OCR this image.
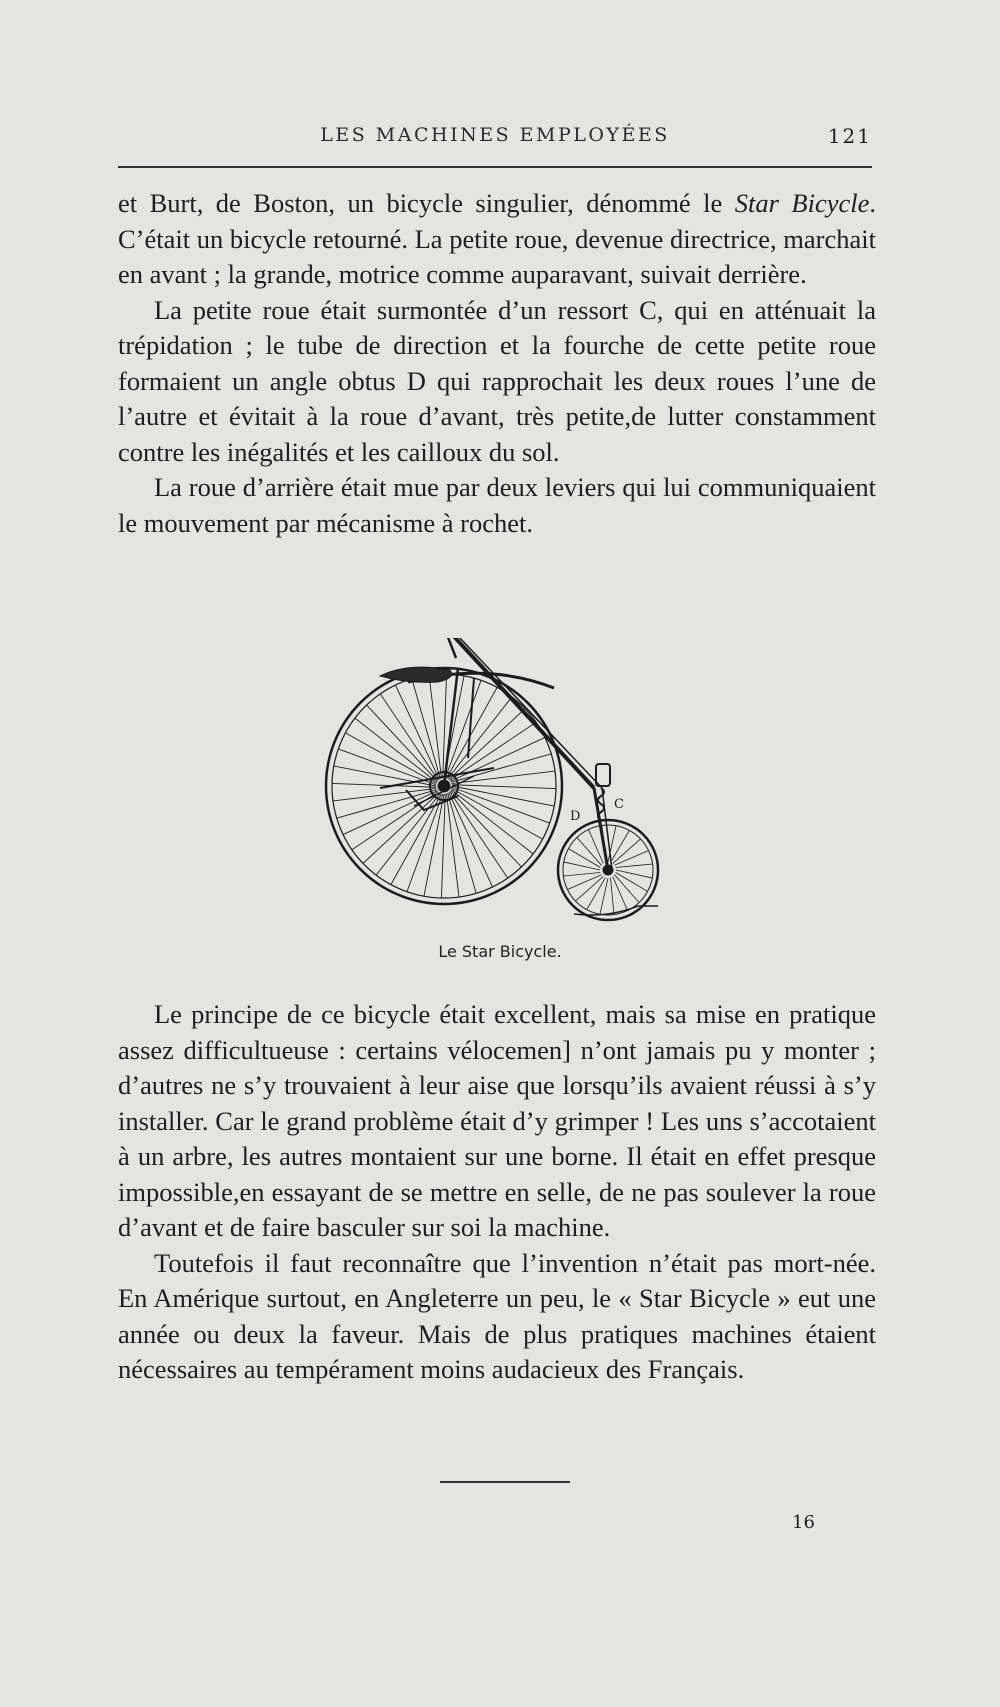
LES MACHINES EMPLOYÉES	121

et Burt, de Boston, un bicycle singulier, dénommé le Star Bicycle. C’était un bicycle retourné. La petite roue, devenue directrice, marchait en avant ; la grande, motrice comme auparavant, suivait derrière.

La petite roue était surmontée d’un ressort C, qui en atténuait la trépidation ; le tube de direction et la fourche de cette petite roue formaient un angle obtus D qui rapprochait les deux roues l’une de l’autre et évitait à la roue d’avant, très petite,de lutter constamment contre les inégalités et les cailloux du sol.

La roue d’arrière était mue par deux leviers qui lui communiquaient le mouvement par mécanisme à rochet.

C
D
Le Star Bicycle.

Le principe de ce bicycle était excellent, mais sa mise en pratique assez difficultueuse : certains vélocemen] n’ont jamais pu y monter ; d’autres ne s’y trouvaient à leur aise que lorsqu’ils avaient réussi à s’y installer. Car le grand problème était d’y grimper ! Les uns s’accotaient à un arbre, les autres montaient sur une borne. Il était en effet presque impossible,en essayant de se mettre en selle, de ne pas soulever la roue d’avant et de faire basculer sur soi la machine.

Toutefois il faut reconnaître que l’invention n’était pas mort-née. En Amérique surtout, en Angleterre un peu, le « Star Bicycle » eut une année ou deux la faveur. Mais de plus pratiques machines étaient nécessaires au tempérament moins audacieux des Français.

16
